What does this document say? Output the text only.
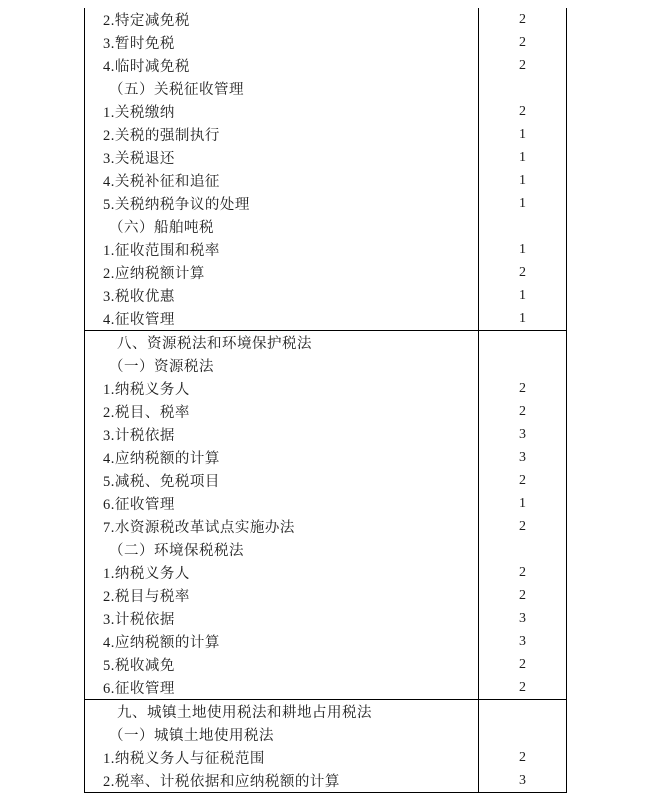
2.特定减免税	2
3.暂时免税	2
4.临时减免税	2
（五）关税征收管理
1.关税缴纳	2
2.关税的强制执行	1
3.关税退还	1
4.关税补征和追征	1
5.关税纳税争议的处理	1
（六）船舶吨税
1.征收范围和税率	1
2.应纳税额计算	2
3.税收优惠	1
4.征收管理	1
八、资源税法和环境保护税法
（一）资源税法
1.纳税义务人	2
2.税目、税率	2
3.计税依据	3
4.应纳税额的计算	3
5.减税、免税项目	2
6.征收管理	1
7.水资源税改革试点实施办法	2
（二）环境保税税法
1.纳税义务人	2
2.税目与税率	2
3.计税依据	3
4.应纳税额的计算	3
5.税收减免	2
6.征收管理	2
九、城镇土地使用税法和耕地占用税法
（一）城镇土地使用税法
1.纳税义务人与征税范围	2
2.税率、计税依据和应纳税额的计算	3
